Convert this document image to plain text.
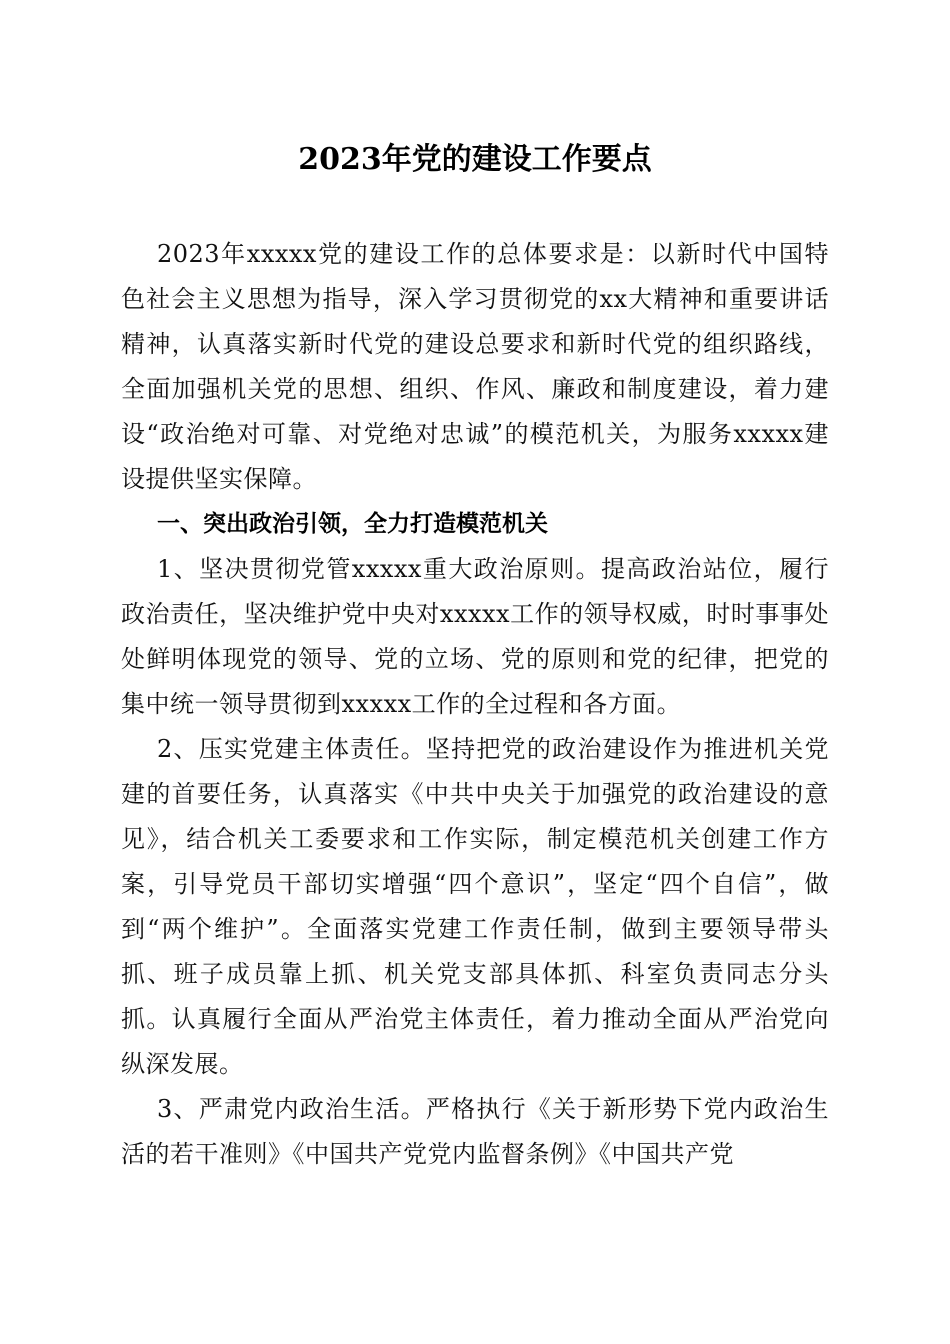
2023年党的建设工作要点

2023年xxxxx党的建设工作的总体要求是：以新时代中国特色社会主义思想为指导，深入学习贯彻党的xx大精神和重要讲话精神，认真落实新时代党的建设总要求和新时代党的组织路线，全面加强机关党的思想、组织、作风、廉政和制度建设，着力建设“政治绝对可靠、对党绝对忠诚”的模范机关，为服务xxxxx建设提供坚实保障。

一、突出政治引领，全力打造模范机关

1、坚决贯彻党管xxxxx重大政治原则。提高政治站位，履行政治责任，坚决维护党中央对xxxxx工作的领导权威，时时事事处处鲜明体现党的领导、党的立场、党的原则和党的纪律，把党的集中统一领导贯彻到xxxxx工作的全过程和各方面。

2、压实党建主体责任。坚持把党的政治建设作为推进机关党建的首要任务，认真落实《中共中央关于加强党的政治建设的意见》，结合机关工委要求和工作实际，制定模范机关创建工作方案，引导党员干部切实增强“四个意识”，坚定“四个自信”，做到“两个维护”。全面落实党建工作责任制，做到主要领导带头抓、班子成员靠上抓、机关党支部具体抓、科室负责同志分头抓。认真履行全面从严治党主体责任，着力推动全面从严治党向纵深发展。

3、严肃党内政治生活。严格执行《关于新形势下党内政治生活的若干准则》《中国共产党党内监督条例》《中国共产党
